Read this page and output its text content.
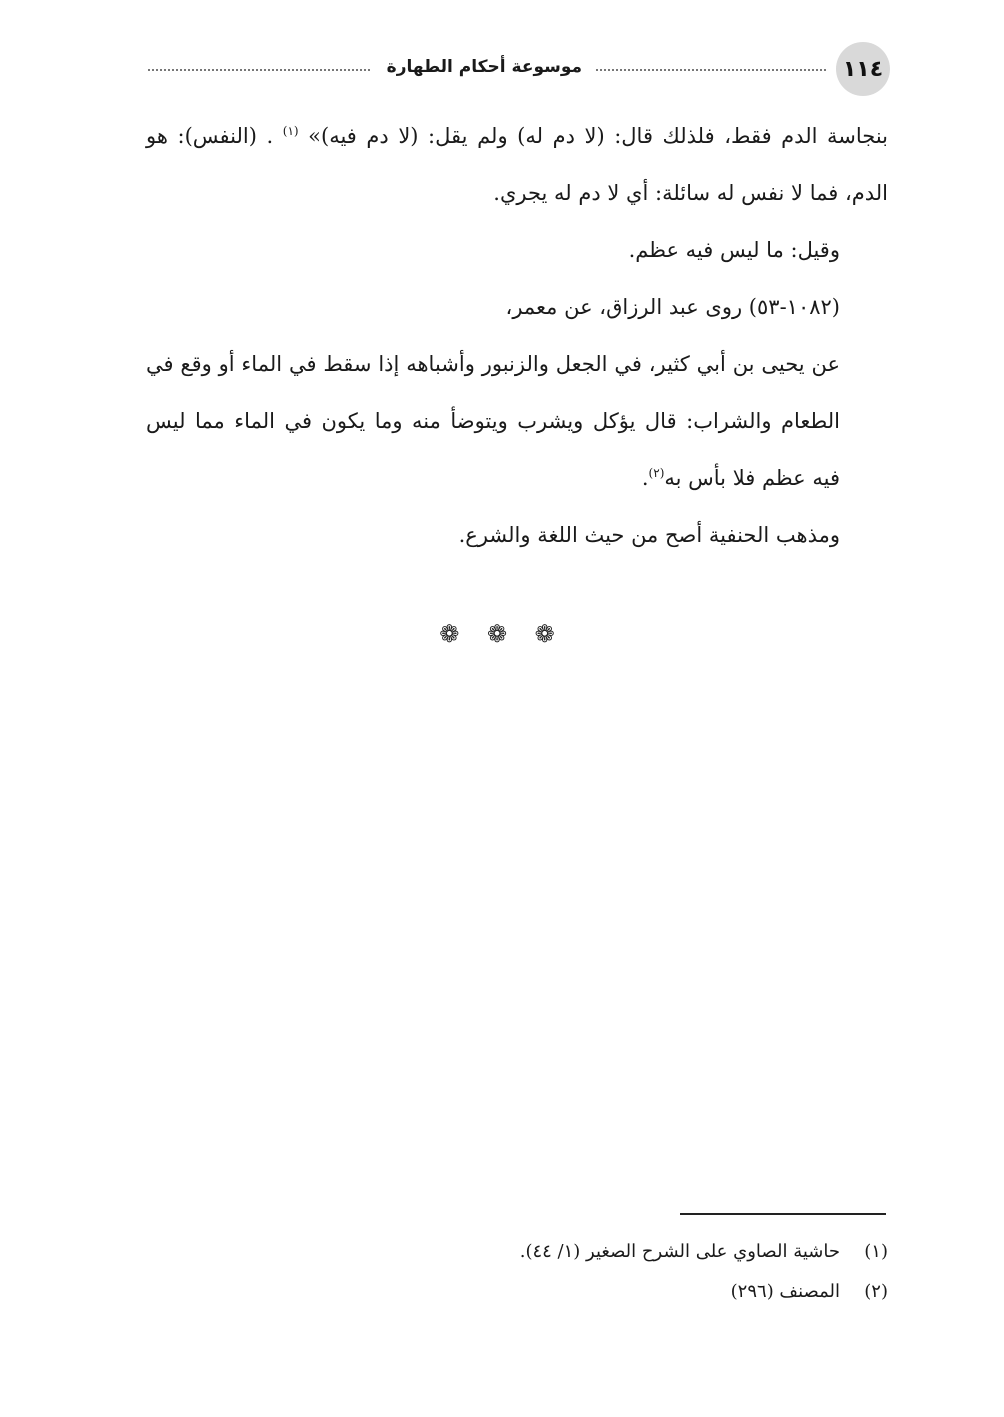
١١٤
موسوعة أحكام الطهارة

بنجاسة الدم فقط، فلذلك قال: (لا دم له) ولم يقل: (لا دم فيه)» $^{(١)}$ . (النفس): هو الدم، فما لا نفس له سائلة: أي لا دم له يجري.

وقيل: ما ليس فيه عظم.

(١٠٨٢-٥٣) روى عبد الرزاق، عن معمر،

عن يحيى بن أبي كثير، في الجعل والزنبور وأشباهه إذا سقط في الماء أو وقع في الطعام والشراب: قال يؤكل ويشرب ويتوضأ منه وما يكون في الماء مما ليس فيه عظم فلا بأس به$^{(٢)}$.

ومذهب الحنفية أصح من حيث اللغة والشرع.

❁ ❁ ❁

(١)حاشية الصاوي على الشرح الصغير (١/ ٤٤).

(٢)المصنف (٢٩٦)
